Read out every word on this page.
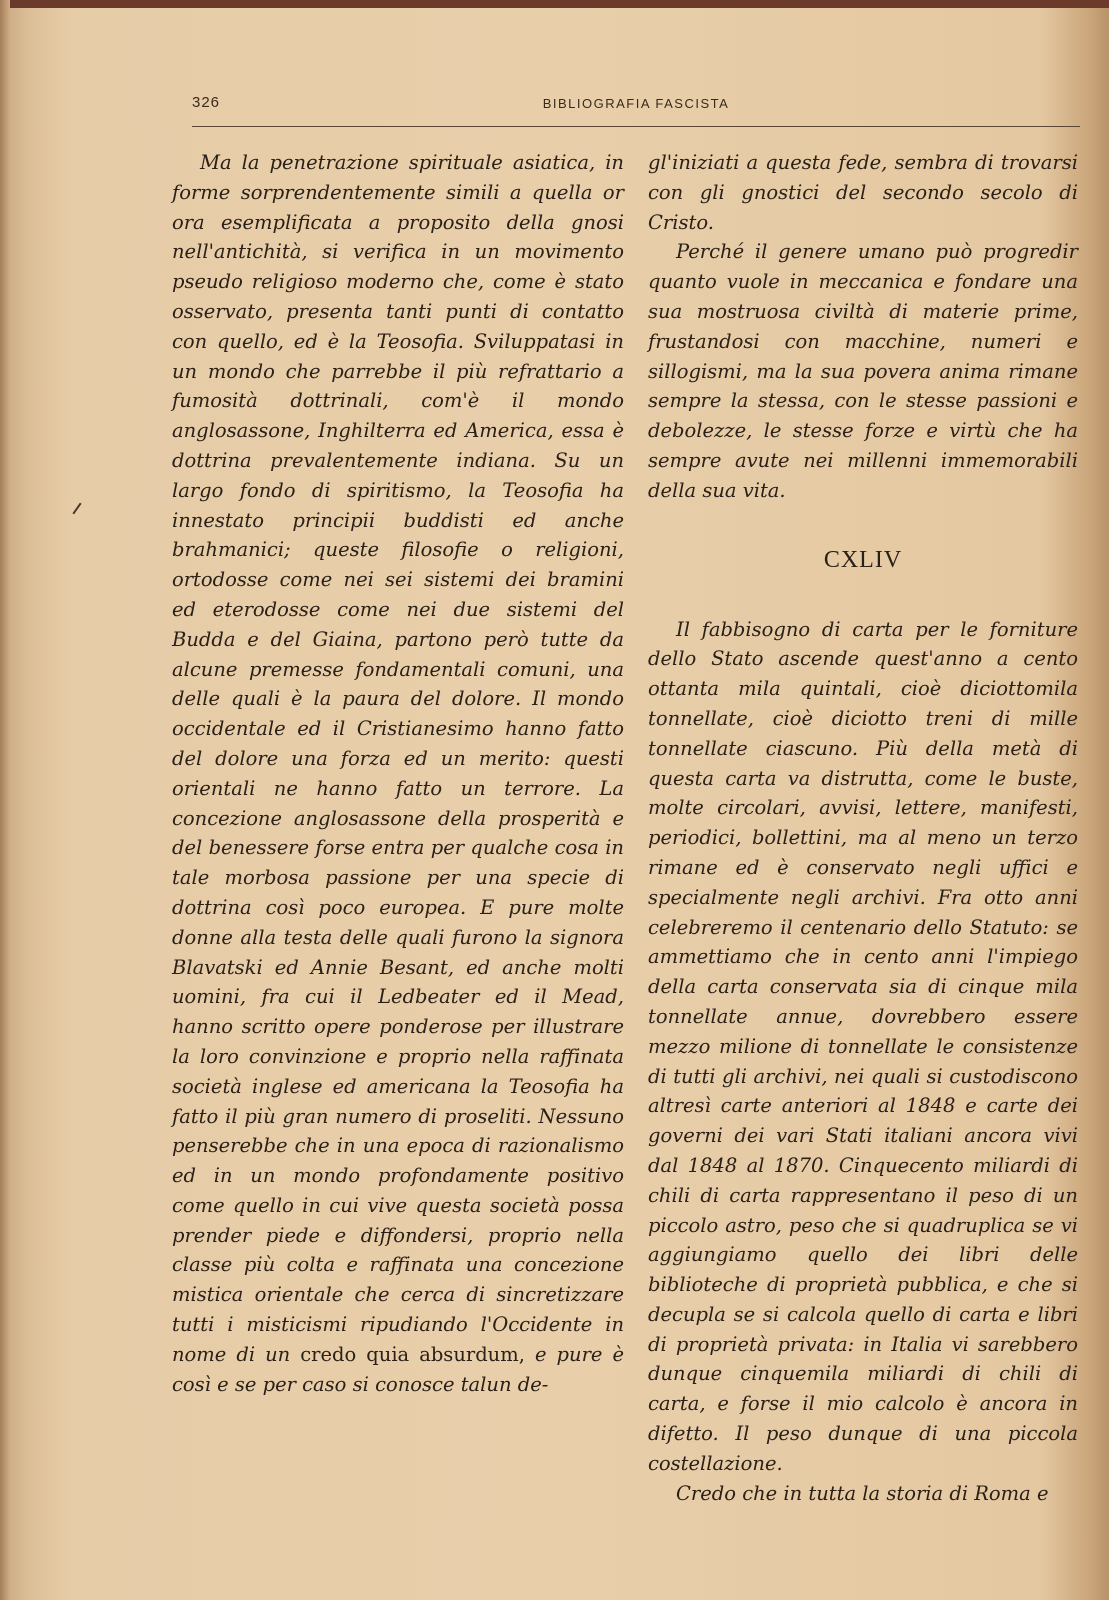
326	BIBLIOGRAFIA FASCISTA

Ma la penetrazione spirituale asiatica, in forme sorprendentemente simili a quella or ora esemplificata a proposito della gnosi nell'antichità, si verifica in un movimento pseudo religioso moderno che, come è stato osservato, presenta tanti punti di contatto con quello, ed è la Teosofia. Sviluppatasi in un mondo che parrebbe il più refrattario a fumosità dottrinali, com'è il mondo anglosassone, Inghilterra ed America, essa è dottrina prevalentemente indiana. Su un largo fondo di spiritismo, la Teosofia ha innestato principii buddisti ed anche brahmanici; queste filosofie o religioni, ortodosse come nei sei sistemi dei bramini ed eterodosse come nei due sistemi del Budda e del Giaina, partono però tutte da alcune premesse fondamentali comuni, una delle quali è la paura del dolore. Il mondo occidentale ed il Cristianesimo hanno fatto del dolore una forza ed un merito: questi orientali ne hanno fatto un terrore. La concezione anglosassone della prosperità e del benessere forse entra per qualche cosa in tale morbosa passione per una specie di dottrina così poco europea. E pure molte donne alla testa delle quali furono la signora Blavatski ed Annie Besant, ed anche molti uomini, fra cui il Ledbeater ed il Mead, hanno scritto opere ponderose per illustrare la loro convinzione e proprio nella raffinata società inglese ed americana la Teosofia ha fatto il più gran numero di proseliti. Nessuno penserebbe che in una epoca di razionalismo ed in un mondo profondamente positivo come quello in cui vive questa società possa prender piede e diffondersi, proprio nella classe più colta e raffinata una concezione mistica orientale che cerca di sincretizzare tutti i misticismi ripudiando l'Occidente in nome di un credo quia absurdum, e pure è così e se per caso si conosce talun de-

gl'iniziati a questa fede, sembra di trovarsi con gli gnostici del secondo secolo di Cristo.

Perché il genere umano può progredir quanto vuole in meccanica e fondare una sua mostruosa civiltà di materie prime, frustandosi con macchine, numeri e sillogismi, ma la sua povera anima rimane sempre la stessa, con le stesse passioni e debolezze, le stesse forze e virtù che ha sempre avute nei millenni immemorabili della sua vita.

CXLIV

Il fabbisogno di carta per le forniture dello Stato ascende quest'anno a cento ottanta mila quintali, cioè diciottomila tonnellate, cioè diciotto treni di mille tonnellate ciascuno. Più della metà di questa carta va distrutta, come le buste, molte circolari, avvisi, lettere, manifesti, periodici, bollettini, ma al meno un terzo rimane ed è conservato negli uffici e specialmente negli archivi. Fra otto anni celebreremo il centenario dello Statuto: se ammettiamo che in cento anni l'impiego della carta conservata sia di cinque mila tonnellate annue, dovrebbero essere mezzo milione di tonnellate le consistenze di tutti gli archivi, nei quali si custodiscono altresì carte anteriori al 1848 e carte dei governi dei vari Stati italiani ancora vivi dal 1848 al 1870. Cinquecento miliardi di chili di carta rappresentano il peso di un piccolo astro, peso che si quadruplica se vi aggiungiamo quello dei libri delle biblioteche di proprietà pubblica, e che si decupla se si calcola quello di carta e libri di proprietà privata: in Italia vi sarebbero dunque cinquemila miliardi di chili di carta, e forse il mio calcolo è ancora in difetto. Il peso dunque di una piccola costellazione.

Credo che in tutta la storia di Roma e
